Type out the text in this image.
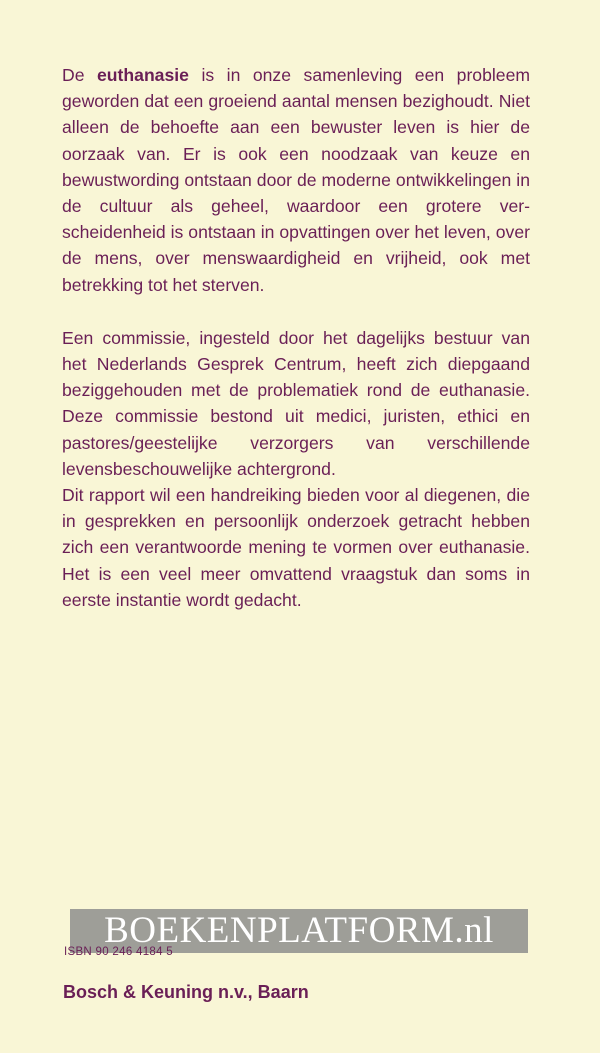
De euthanasie is in onze samenleving een probleem geworden dat een groeiend aantal mensen bezighoudt. Niet alleen de behoefte aan een bewuster leven is hier de oorzaak van. Er is ook een noodzaak van keuze en bewustwording ontstaan door de moderne ontwikkelingen in de cultuur als geheel, waardoor een grotere verscheidenheid is ontstaan in opvattingen over het leven, over de mens, over menswaardigheid en vrijheid, ook met betrekking tot het sterven.

Een commissie, ingesteld door het dagelijks bestuur van het Nederlands Gesprek Centrum, heeft zich diepgaand beziggehouden met de problematiek rond de euthanasie. Deze commissie bestond uit medici, juristen, ethici en pastores/geestelijke verzorgers van verschillende levensbeschouwelijke achtergrond.

Dit rapport wil een handreiking bieden voor al diegenen, die in gesprekken en persoonlijk onderzoek getracht hebben zich een verantwoorde mening te vormen over euthanasie. Het is een veel meer omvattend vraagstuk dan soms in eerste instantie wordt gedacht.

ISBN 90 246 4184 5
BOEKENPLATFORM.nl
Bosch & Keuning n.v., Baarn
